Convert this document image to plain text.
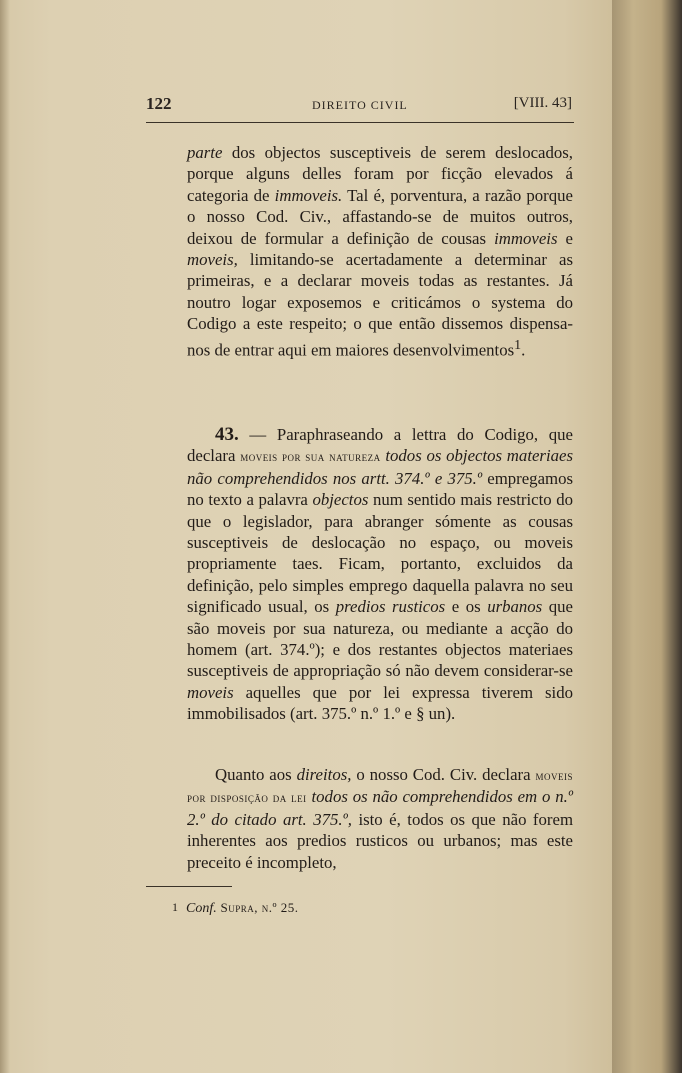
122	DIREITO CIVIL	[VIII. 43]

parte dos objectos susceptiveis de serem deslocados, porque alguns delles foram por ficção elevados á categoria de immoveis. Tal é, porventura, a razão porque o nosso Cod. Civ., affastando-se de muitos outros, deixou de formular a definição de cousas immoveis e moveis, limitando-se acertadamente a determinar as primeiras, e a declarar moveis todas as restantes. Já noutro logar exposemos e criticámos o systema do Codigo a este respeito; o que então dissemos dispensa-nos de entrar aqui em maiores desenvolvimentos$^1$.

43. — Paraphraseando a lettra do Codigo, que declara moveis por sua natureza todos os objectos materiaes não comprehendidos nos artt. 374.º e 375.º empregamos no texto a palavra objectos num sentido mais restricto do que o legislador, para abranger sómente as cousas susceptiveis de deslocação no espaço, ou moveis propriamente taes. Ficam, portanto, excluidos da definição, pelo simples emprego daquella palavra no seu significado usual, os predios rusticos e os urbanos que são moveis por sua natureza, ou mediante a acção do homem (art. 374.º); e dos restantes objectos materiaes susceptiveis de appropriação só não devem considerar-se moveis aquelles que por lei expressa tiverem sido immobilisados (art. 375.º n.º 1.º e § un).

Quanto aos direitos, o nosso Cod. Civ. declara moveis por disposição da lei todos os não comprehendidos em o n.º 2.º do citado art. 375.º, isto é, todos os que não forem inherentes aos predios rusticos ou urbanos; mas este preceito é incompleto,

1 Conf. Supra, n.º 25.
